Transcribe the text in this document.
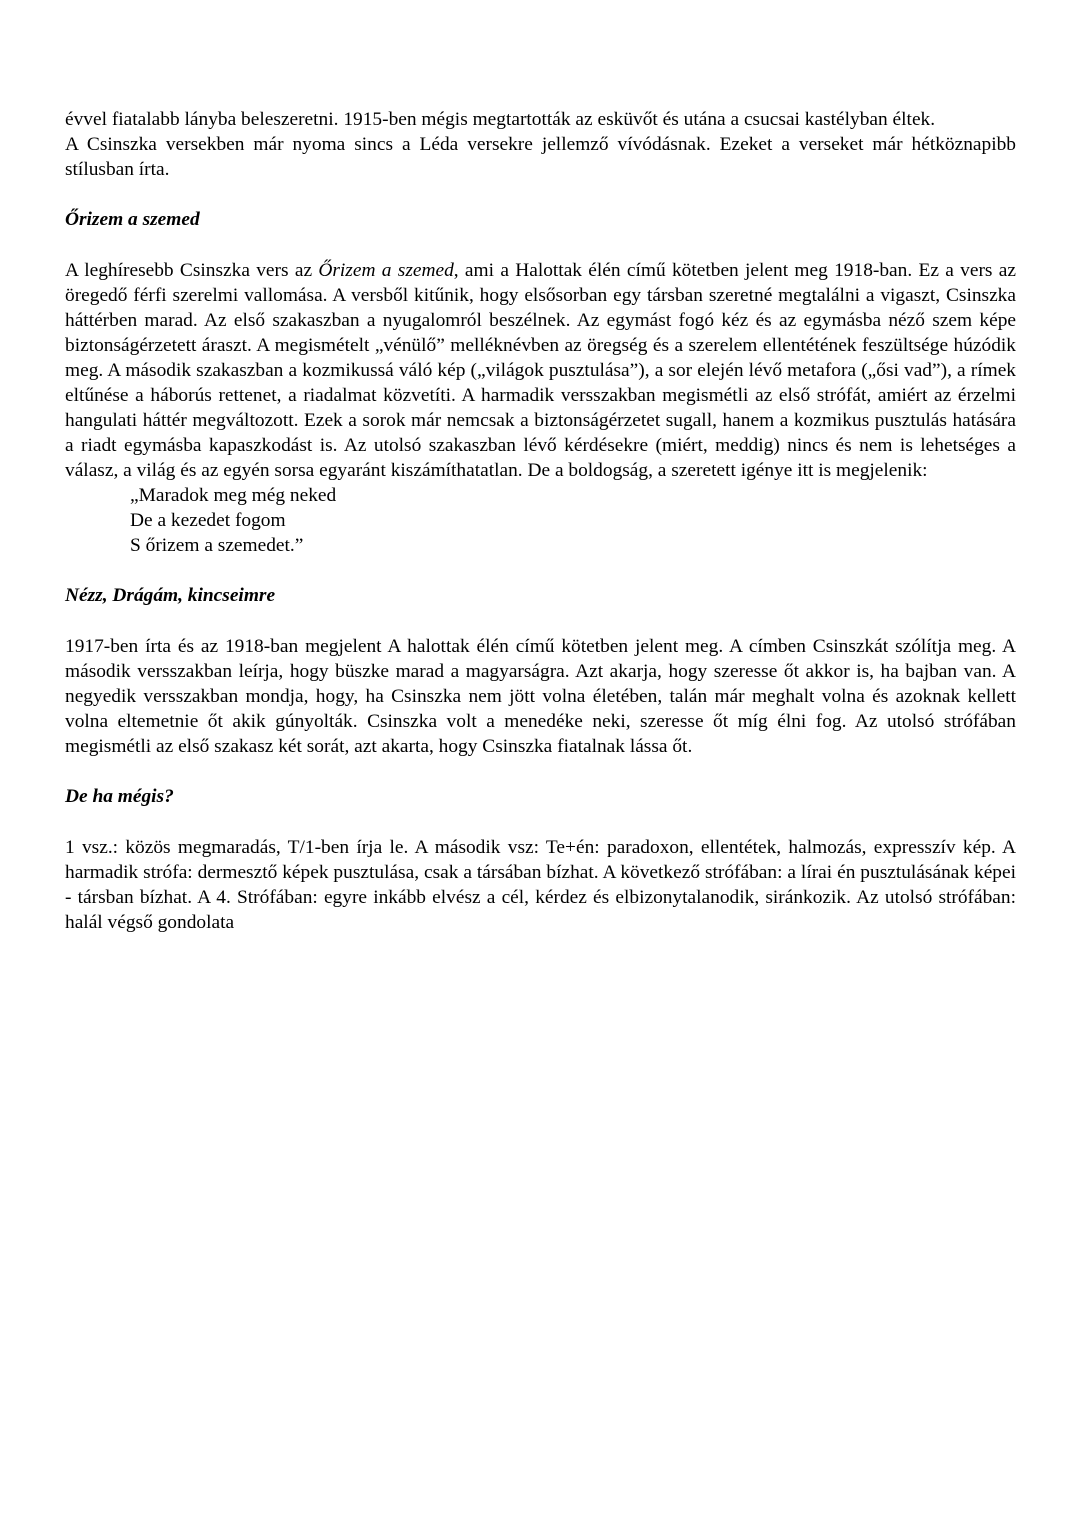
évvel fiatalabb lányba beleszeretni. 1915-ben mégis megtartották az esküvőt és utána a csucsai kastélyban éltek.

A Csinszka versekben már nyoma sincs a Léda versekre jellemző vívódásnak. Ezeket a verseket már hétköznapibb stílusban írta.

Őrizem a szemed

A leghíresebb Csinszka vers az Őrizem a szemed, ami a Halottak élén című kötetben jelent meg 1918-ban. Ez a vers az öregedő férfi szerelmi vallomása. A versből kitűnik, hogy elsősorban egy társban szeretné megtalálni a vigaszt, Csinszka háttérben marad. Az első szakaszban a nyugalomról beszélnek. Az egymást fogó kéz és az egymásba néző szem képe biztonságérzetett áraszt. A megismételt „vénülő” melléknévben az öregség és a szerelem ellentétének feszültsége húzódik meg. A második szakaszban a kozmikussá váló kép („világok pusztulása”), a sor elején lévő metafora („ősi vad”), a rímek eltűnése a háborús rettenet, a riadalmat közvetíti. A harmadik versszakban megismétli az első strófát, amiért az érzelmi hangulati háttér megváltozott. Ezek a sorok már nemcsak a biztonságérzetet sugall, hanem a kozmikus pusztulás hatására a riadt egymásba kapaszkodást is. Az utolsó szakaszban lévő kérdésekre (miért, meddig) nincs és nem is lehetséges a válasz, a világ és az egyén sorsa egyaránt kiszámíthatatlan. De a boldogság, a szeretett igénye itt is megjelenik:

„Maradok meg még neked
De a kezedet fogom
S őrizem a szemedet.”

Nézz, Drágám, kincseimre

1917-ben írta és az 1918-ban megjelent A halottak élén című kötetben jelent meg. A címben Csinszkát szólítja meg. A második versszakban leírja, hogy büszke marad a magyarságra. Azt akarja, hogy szeresse őt akkor is, ha bajban van. A negyedik versszakban mondja, hogy, ha Csinszka nem jött volna életében, talán már meghalt volna és azoknak kellett volna eltemetnie őt akik gúnyolták. Csinszka volt a menedéke neki, szeresse őt míg élni fog. Az utolsó strófában megismétli az első szakasz két sorát, azt akarta, hogy Csinszka fiatalnak lássa őt.

De ha mégis?

1 vsz.: közös megmaradás, T/1-ben írja le. A második vsz: Te+én: paradoxon, ellentétek, halmozás, expresszív kép. A harmadik strófa: dermesztő képek pusztulása, csak a társában bízhat. A következő strófában: a lírai én pusztulásának képei - társban bízhat. A 4. Strófában: egyre inkább elvész a cél, kérdez és elbizonytalanodik, siránkozik. Az utolsó strófában: halál végső gondolata
